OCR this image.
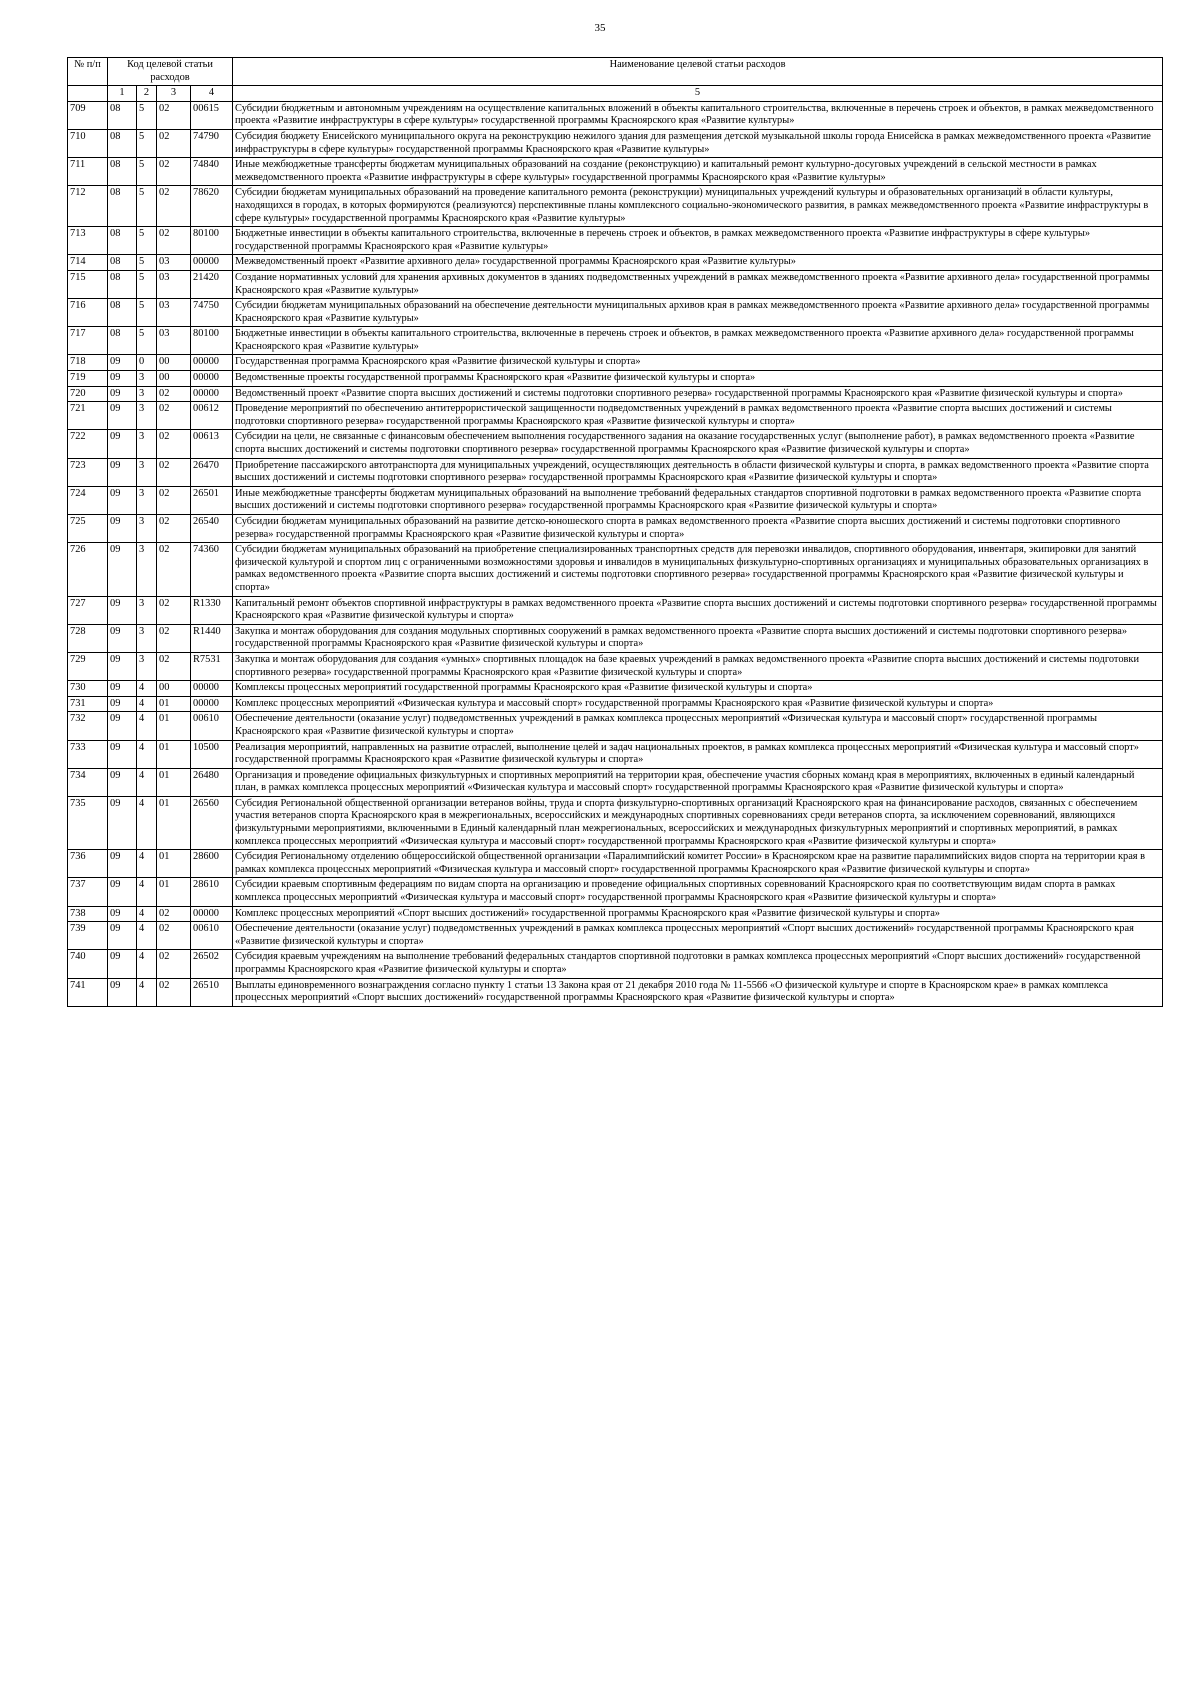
35
№ п/п	Код целевой статьи расходов				Наименование целевой статьи расходов

	1	2	3	4	5
709	08	5	02	00615	Субсидии бюджетным и автономным учреждениям на осуществление капитальных вложений в объекты капитального строительства, включенные в перечень строек и объектов, в рамках межведомственного проекта «Развитие инфраструктуры в сфере культуры» государственной программы Красноярского края «Развитие культуры»
710	08	5	02	74790	Субсидия бюджету Енисейского муниципального округа на реконструкцию нежилого здания для размещения детской музыкальной школы города Енисейска в рамках межведомственного проекта «Развитие инфраструктуры в сфере культуры» государственной программы Красноярского края «Развитие культуры»
711	08	5	02	74840	Иные межбюджетные трансферты бюджетам муниципальных образований на создание (реконструкцию) и капитальный ремонт культурно-досуговых учреждений в сельской местности в рамках межведомственного проекта «Развитие инфраструктуры в сфере культуры» государственной программы Красноярского края «Развитие культуры»
712	08	5	02	78620	Субсидии бюджетам муниципальных образований на проведение капитального ремонта (реконструкции) муниципальных учреждений культуры и образовательных организаций в области культуры, находящихся в городах, в которых формируются (реализуются) перспективные планы комплексного социально-экономического развития, в рамках межведомственного проекта «Развитие инфраструктуры в сфере культуры» государственной программы Красноярского края «Развитие культуры»
713	08	5	02	80100	Бюджетные инвестиции в объекты капитального строительства, включенные в перечень строек и объектов, в рамках межведомственного проекта «Развитие инфраструктуры в сфере культуры» государственной программы Красноярского края «Развитие культуры»
714	08	5	03	00000	Межведомственный проект «Развитие архивного дела» государственной программы Красноярского края «Развитие культуры»
715	08	5	03	21420	Создание нормативных условий для хранения архивных документов в зданиях подведомственных учреждений в рамках межведомственного проекта «Развитие архивного дела» государственной программы Красноярского края «Развитие культуры»
716	08	5	03	74750	Субсидии бюджетам муниципальных образований на обеспечение деятельности муниципальных архивов края в рамках межведомственного проекта «Развитие архивного дела» государственной программы Красноярского края «Развитие культуры»
717	08	5	03	80100	Бюджетные инвестиции в объекты капитального строительства, включенные в перечень строек и объектов, в рамках межведомственного проекта «Развитие архивного дела» государственной программы Красноярского края «Развитие культуры»
718	09	0	00	00000	Государственная программа Красноярского края «Развитие физической культуры и спорта»
719	09	3	00	00000	Ведомственные проекты государственной программы Красноярского края «Развитие физической культуры и спорта»
720	09	3	02	00000	Ведомственный проект «Развитие спорта высших достижений и системы подготовки спортивного резерва» государственной программы Красноярского края «Развитие физической культуры и спорта»
721	09	3	02	00612	Проведение мероприятий по обеспечению антитеррористической защищенности подведомственных учреждений в рамках ведомственного проекта «Развитие спорта высших достижений и системы подготовки спортивного резерва» государственной программы Красноярского края «Развитие физической культуры и спорта»
722	09	3	02	00613	Субсидии на цели, не связанные с финансовым обеспечением выполнения государственного задания на оказание государственных услуг (выполнение работ), в рамках ведомственного проекта «Развитие спорта высших достижений и системы подготовки спортивного резерва» государственной программы Красноярского края «Развитие физической культуры и спорта»
723	09	3	02	26470	Приобретение пассажирского автотранспорта для муниципальных учреждений, осуществляющих деятельность в области физической культуры и спорта, в рамках ведомственного проекта «Развитие спорта высших достижений и системы подготовки спортивного резерва» государственной программы Красноярского края «Развитие физической культуры и спорта»
724	09	3	02	26501	Иные межбюджетные трансферты бюджетам муниципальных образований на выполнение требований федеральных стандартов спортивной подготовки в рамках ведомственного проекта «Развитие спорта высших достижений и системы подготовки спортивного резерва» государственной программы Красноярского края «Развитие физической культуры и спорта»
725	09	3	02	26540	Субсидии бюджетам муниципальных образований на развитие детско-юношеского спорта в рамках ведомственного проекта «Развитие спорта высших достижений и системы подготовки спортивного резерва» государственной программы Красноярского края «Развитие физической культуры и спорта»
726	09	3	02	74360	Субсидии бюджетам муниципальных образований на приобретение специализированных транспортных средств для перевозки инвалидов, спортивного оборудования, инвентаря, экипировки для занятий физической культурой и спортом лиц с ограниченными возможностями здоровья и инвалидов в муниципальных физкультурно-спортивных организациях и муниципальных образовательных организациях в рамках ведомственного проекта «Развитие спорта высших достижений и системы подготовки спортивного резерва» государственной программы Красноярского края «Развитие физической культуры и спорта»
727	09	3	02	R1330	Капитальный ремонт объектов спортивной инфраструктуры в рамках ведомственного проекта «Развитие спорта высших достижений и системы подготовки спортивного резерва» государственной программы Красноярского края «Развитие физической культуры и спорта»
728	09	3	02	R1440	Закупка и монтаж оборудования для создания модульных спортивных сооружений в рамках ведомственного проекта «Развитие спорта высших достижений и системы подготовки спортивного резерва» государственной программы Красноярского края «Развитие физической культуры и спорта»
729	09	3	02	R7531	Закупка и монтаж оборудования для создания «умных» спортивных площадок на базе краевых учреждений в рамках ведомственного проекта «Развитие спорта высших достижений и системы подготовки спортивного резерва» государственной программы Красноярского края «Развитие физической культуры и спорта»
730	09	4	00	00000	Комплексы процессных мероприятий государственной программы Красноярского края «Развитие физической культуры и спорта»
731	09	4	01	00000	Комплекс процессных мероприятий «Физическая культура и массовый спорт» государственной программы Красноярского края «Развитие физической культуры и спорта»
732	09	4	01	00610	Обеспечение деятельности (оказание услуг) подведомственных учреждений в рамках комплекса процессных мероприятий «Физическая культура и массовый спорт» государственной программы Красноярского края «Развитие физической культуры и спорта»
733	09	4	01	10500	Реализация мероприятий, направленных на развитие отраслей, выполнение целей и задач национальных проектов, в рамках комплекса процессных мероприятий «Физическая культура и массовый спорт» государственной программы Красноярского края «Развитие физической культуры и спорта»
734	09	4	01	26480	Организация и проведение официальных физкультурных и спортивных мероприятий на территории края, обеспечение участия сборных команд края в мероприятиях, включенных в единый календарный план, в рамках комплекса процессных мероприятий «Физическая культура и массовый спорт» государственной программы Красноярского края «Развитие физической культуры и спорта»
735	09	4	01	26560	Субсидия Региональной общественной организации ветеранов войны, труда и спорта физкультурно-спортивных организаций Красноярского края на финансирование расходов, связанных с обеспечением участия ветеранов спорта Красноярского края в межрегиональных, всероссийских и международных спортивных соревнованиях среди ветеранов спорта, за исключением соревнований, являющихся физкультурными мероприятиями, включенными в Единый календарный план межрегиональных, всероссийских и международных физкультурных мероприятий и спортивных мероприятий, в рамках комплекса процессных мероприятий «Физическая культура и массовый спорт» государственной программы Красноярского края «Развитие физической культуры и спорта»
736	09	4	01	28600	Субсидия Региональному отделению общероссийской общественной организации «Паралимпийский комитет России» в Красноярском крае на развитие паралимпийских видов спорта на территории края в рамках комплекса процессных мероприятий «Физическая культура и массовый спорт» государственной программы Красноярского края «Развитие физической культуры и спорта»
737	09	4	01	28610	Субсидии краевым спортивным федерациям по видам спорта на организацию и проведение официальных спортивных соревнований Красноярского края по соответствующим видам спорта в рамках комплекса процессных мероприятий «Физическая культура и массовый спорт» государственной программы Красноярского края «Развитие физической культуры и спорта»
738	09	4	02	00000	Комплекс процессных мероприятий «Спорт высших достижений» государственной программы Красноярского края «Развитие физической культуры и спорта»
739	09	4	02	00610	Обеспечение деятельности (оказание услуг) подведомственных учреждений в рамках комплекса процессных мероприятий «Спорт высших достижений» государственной программы Красноярского края «Развитие физической культуры и спорта»
740	09	4	02	26502	Субсидия краевым учреждениям на выполнение требований федеральных стандартов спортивной подготовки в рамках комплекса процессных мероприятий «Спорт высших достижений» государственной программы Красноярского края «Развитие физической культуры и спорта»
741	09	4	02	26510	Выплаты единовременного вознаграждения согласно пункту 1 статьи 13 Закона края от 21 декабря 2010 года № 11-5566 «О физической культуре и спорте в Красноярском крае» в рамках комплекса процессных мероприятий «Спорт высших достижений» государственной программы Красноярского края «Развитие физической культуры и спорта»
